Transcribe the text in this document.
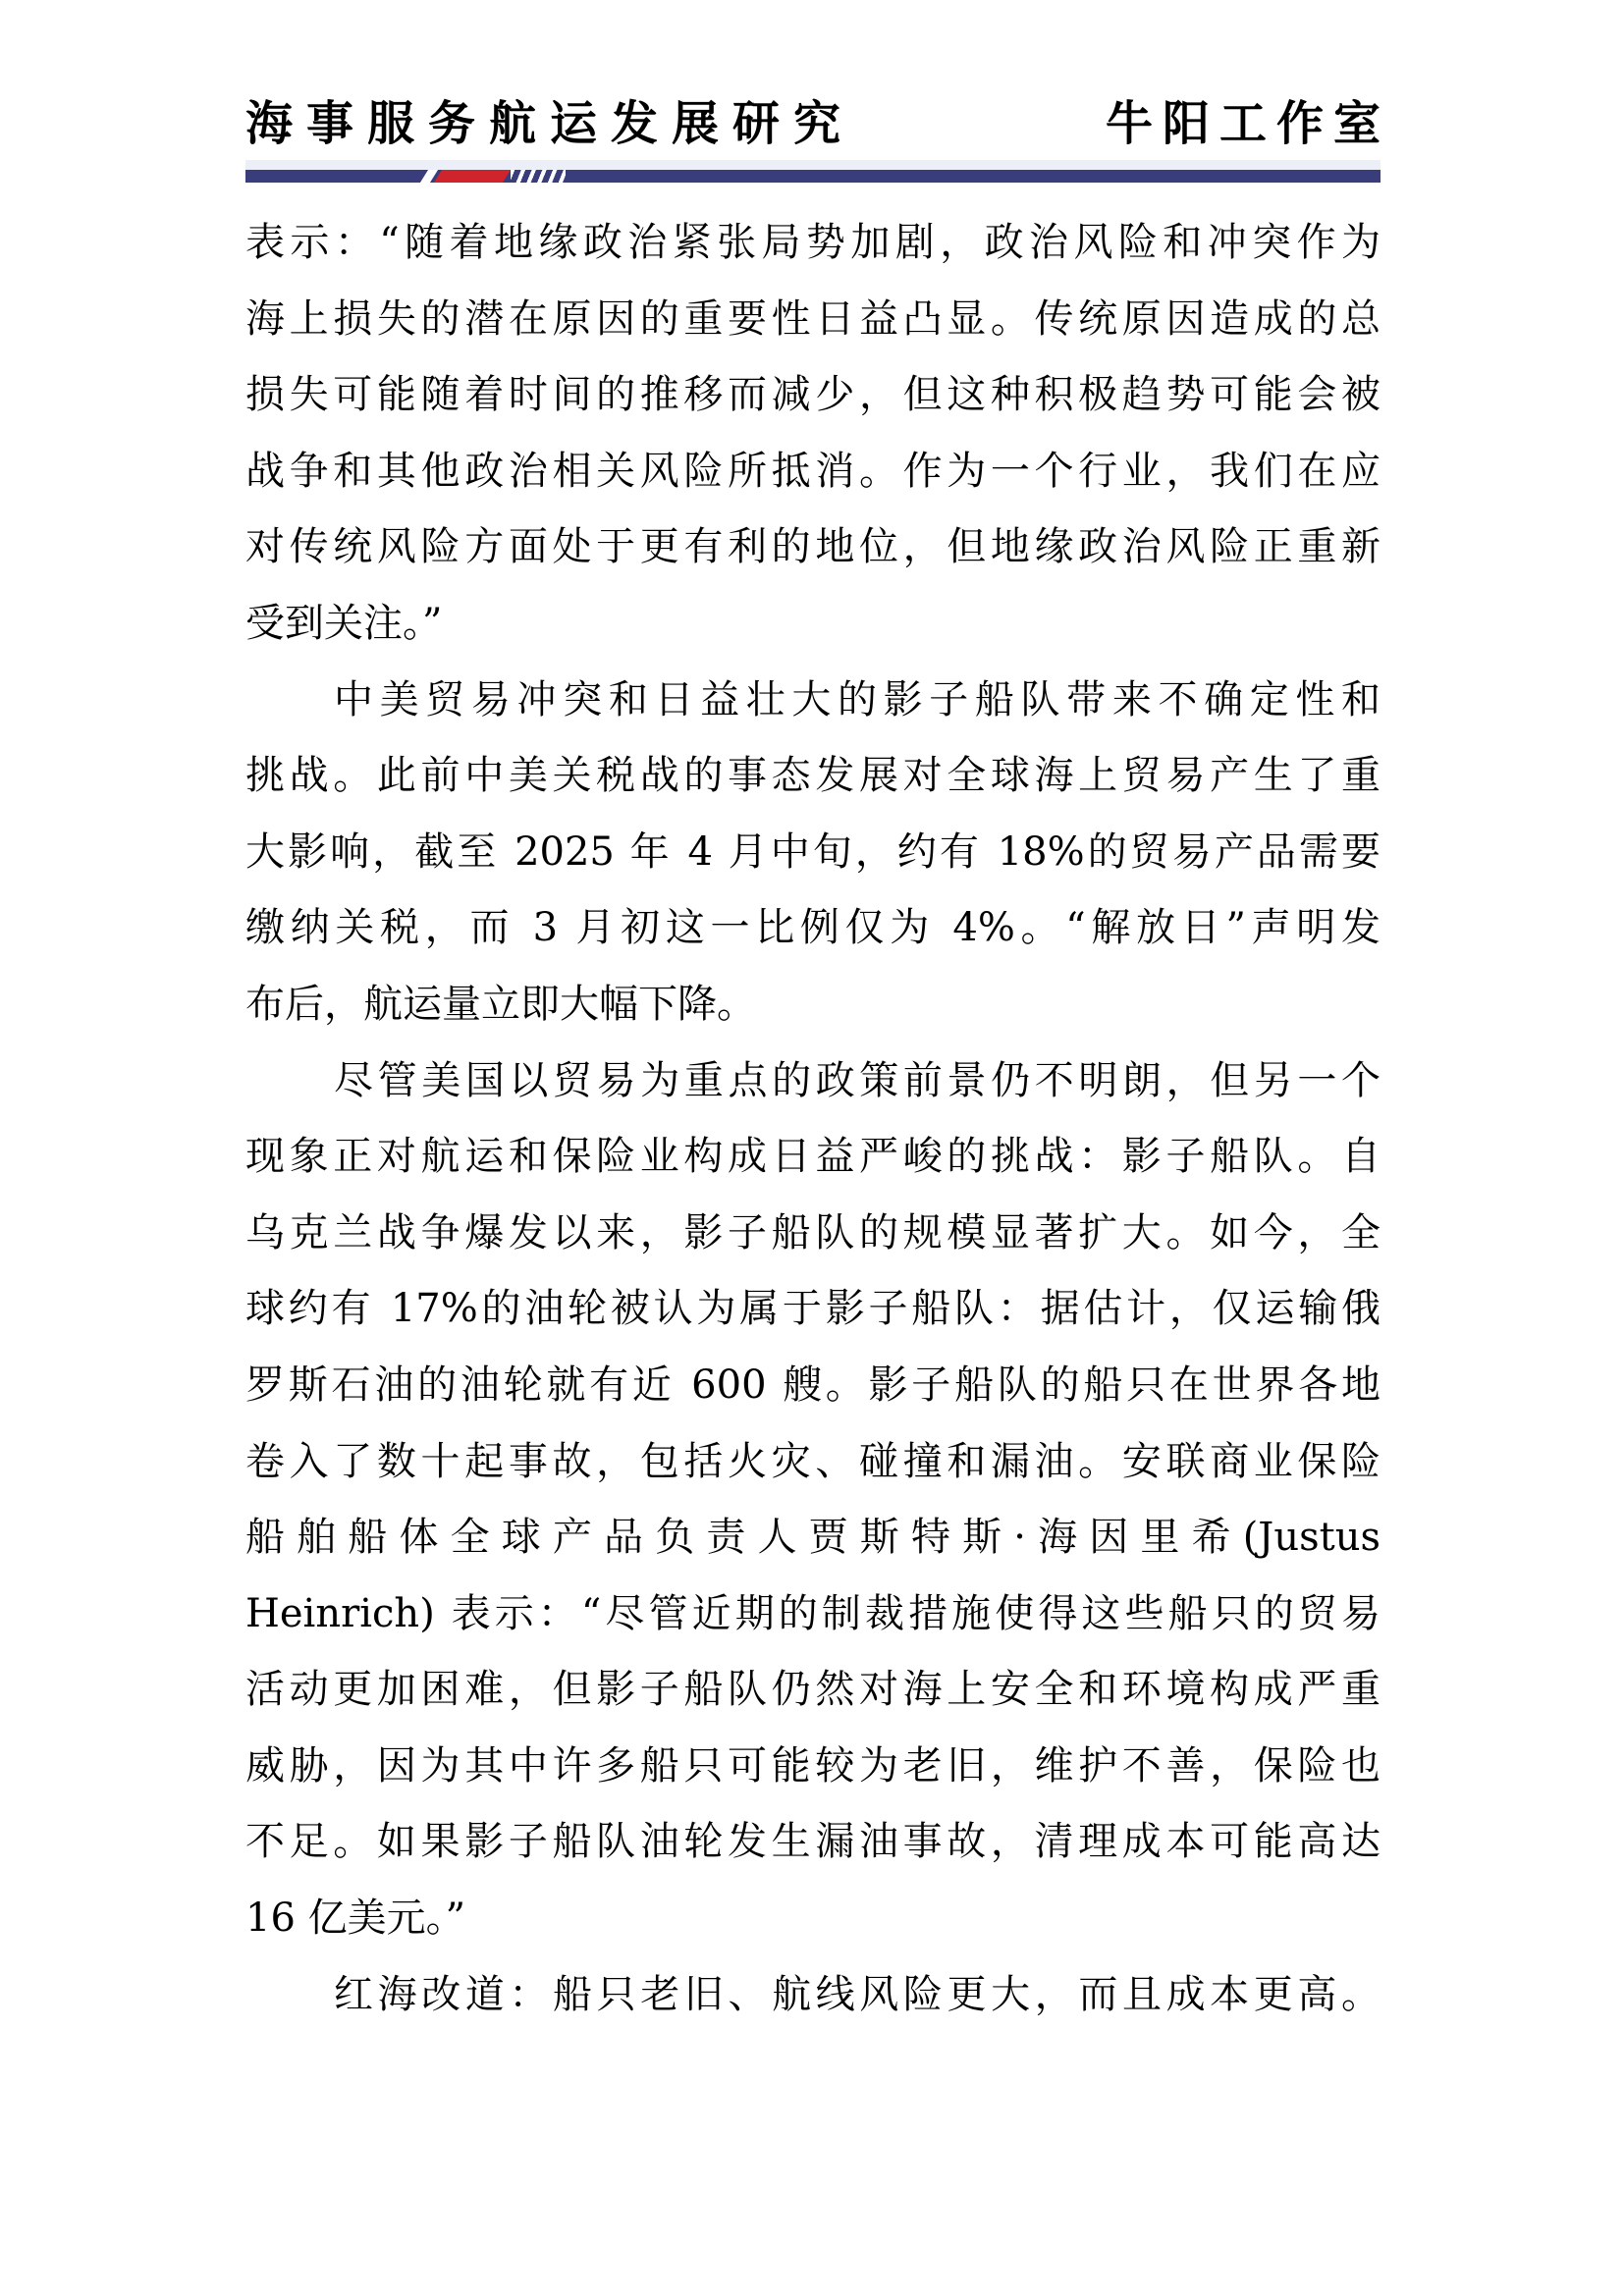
海事服务航运发展研究	牛阳工作室

表示：“随着地缘政治紧张局势加剧，政治风险和冲突作为

海上损失的潜在原因的重要性日益凸显。传统原因造成的总

损失可能随着时间的推移而减少，但这种积极趋势可能会被

战争和其他政治相关风险所抵消。作为一个行业，我们在应

对传统风险方面处于更有利的地位，但地缘政治风险正重新

受到关注。”

中美贸易冲突和日益壮大的影子船队带来不确定性和

挑战。此前中美关税战的事态发展对全球海上贸易产生了重

大影响，截至 2025 年 4 月中旬，约有 18%的贸易产品需要

缴纳关税，而 3 月初这一比例仅为 4%。“解放日”声明发

布后，航运量立即大幅下降。

尽管美国以贸易为重点的政策前景仍不明朗，但另一个

现象正对航运和保险业构成日益严峻的挑战：影子船队。自

乌克兰战争爆发以来，影子船队的规模显著扩大。如今，全

球约有 17%的油轮被认为属于影子船队：据估计，仅运输俄

罗斯石油的油轮就有近 600 艘。影子船队的船只在世界各地

卷入了数十起事故，包括火灾、碰撞和漏油。安联商业保险

船舶船体全球产品负责人贾斯特斯·海因里希(Justus

Heinrich) 表示：“尽管近期的制裁措施使得这些船只的贸易

活动更加困难，但影子船队仍然对海上安全和环境构成严重

威胁，因为其中许多船只可能较为老旧，维护不善，保险也

不足。如果影子船队油轮发生漏油事故，清理成本可能高达

16 亿美元。”

红海改道：船只老旧、航线风险更大，而且成本更高。
